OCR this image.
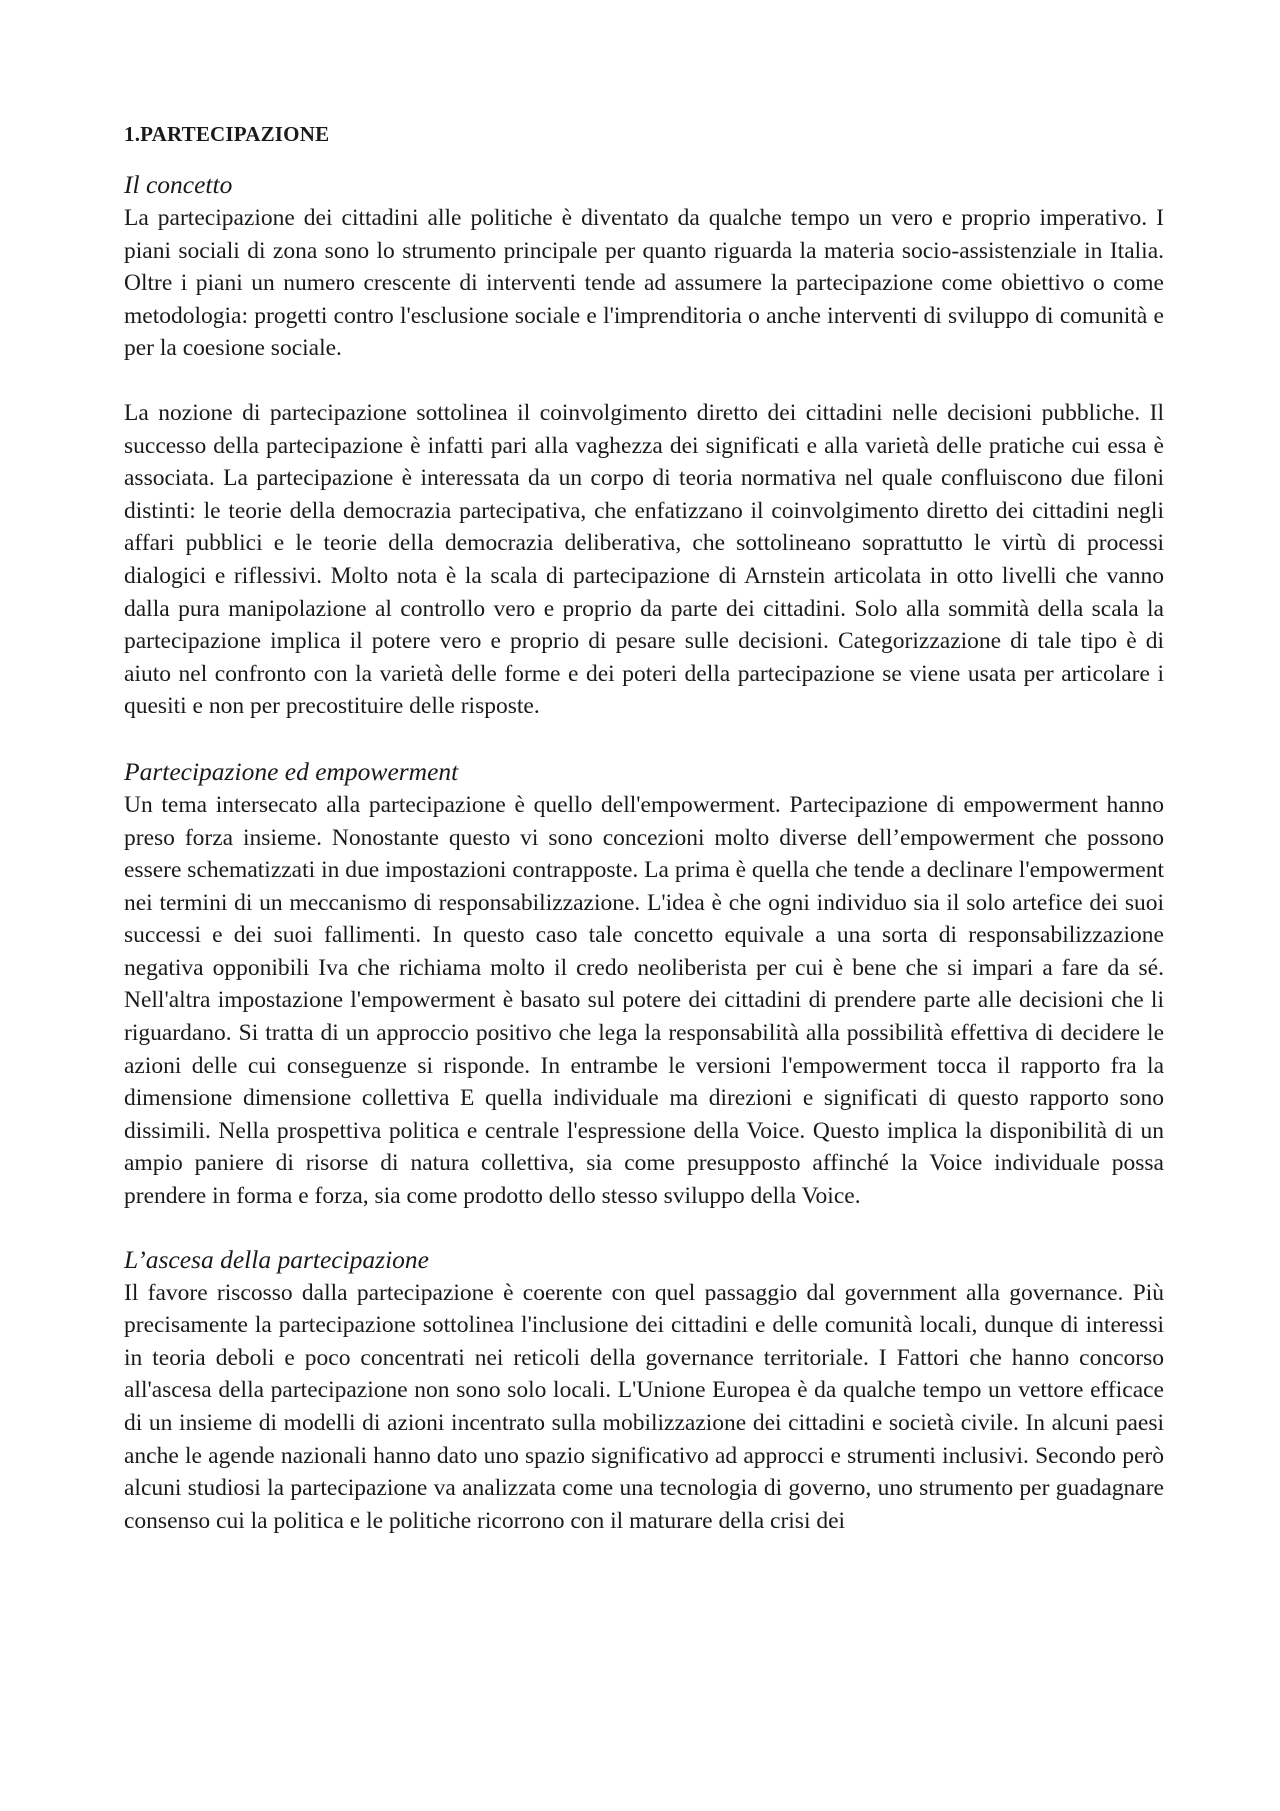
1.PARTECIPAZIONE
Il concetto

La partecipazione dei cittadini alle politiche è diventato da qualche tempo un vero e proprio imperativo. I piani sociali di zona sono lo strumento principale per quanto riguarda la materia socio-assistenziale in Italia. Oltre i piani un numero crescente di interventi tende ad assumere la partecipazione come obiettivo o come metodologia: progetti contro l'esclusione sociale e l'imprenditoria o anche interventi di sviluppo di comunità e per la coesione sociale.

La nozione di partecipazione sottolinea il coinvolgimento diretto dei cittadini nelle decisioni pubbliche. Il successo della partecipazione è infatti pari alla vaghezza dei significati e alla varietà delle pratiche cui essa è associata. La partecipazione è interessata da un corpo di teoria normativa nel quale confluiscono due filoni distinti: le teorie della democrazia partecipativa, che enfatizzano il coinvolgimento diretto dei cittadini negli affari pubblici e le teorie della democrazia deliberativa, che sottolineano soprattutto le virtù di processi dialogici e riflessivi. Molto nota è la scala di partecipazione di Arnstein articolata in otto livelli che vanno dalla pura manipolazione al controllo vero e proprio da parte dei cittadini. Solo alla sommità della scala la partecipazione implica il potere vero e proprio di pesare sulle decisioni. Categorizzazione di tale tipo è di aiuto nel confronto con la varietà delle forme e dei poteri della partecipazione se viene usata per articolare i quesiti e non per precostituire delle risposte.

Partecipazione ed empowerment

Un tema intersecato alla partecipazione è quello dell'empowerment. Partecipazione di empowerment hanno preso forza insieme. Nonostante questo vi sono concezioni molto diverse dell’empowerment che possono essere schematizzati in due impostazioni contrapposte. La prima è quella che tende a declinare l'empowerment nei termini di un meccanismo di responsabilizzazione. L'idea è che ogni individuo sia il solo artefice dei suoi successi e dei suoi fallimenti. In questo caso tale concetto equivale a una sorta di responsabilizzazione negativa opponibili Iva che richiama molto il credo neoliberista per cui è bene che si impari a fare da sé. Nell'altra impostazione l'empowerment è basato sul potere dei cittadini di prendere parte alle decisioni che li riguardano. Si tratta di un approccio positivo che lega la responsabilità alla possibilità effettiva di decidere le azioni delle cui conseguenze si risponde. In entrambe le versioni l'empowerment tocca il rapporto fra la dimensione dimensione collettiva E quella individuale ma direzioni e significati di questo rapporto sono dissimili. Nella prospettiva politica e centrale l'espressione della Voice. Questo implica la disponibilità di un ampio paniere di risorse di natura collettiva, sia come presupposto affinché la Voice individuale possa prendere in forma e forza, sia come prodotto dello stesso sviluppo della Voice.

L’ascesa della partecipazione

Il favore riscosso dalla partecipazione è coerente con quel passaggio dal government alla governance. Più precisamente la partecipazione sottolinea l'inclusione dei cittadini e delle comunità locali, dunque di interessi in teoria deboli e poco concentrati nei reticoli della governance territoriale. I Fattori che hanno concorso all'ascesa della partecipazione non sono solo locali. L'Unione Europea è da qualche tempo un vettore efficace di un insieme di modelli di azioni incentrato sulla mobilizzazione dei cittadini e società civile. In alcuni paesi anche le agende nazionali hanno dato uno spazio significativo ad approcci e strumenti inclusivi. Secondo però alcuni studiosi la partecipazione va analizzata come una tecnologia di governo, uno strumento per guadagnare consenso cui la politica e le politiche ricorrono con il maturare della crisi dei
